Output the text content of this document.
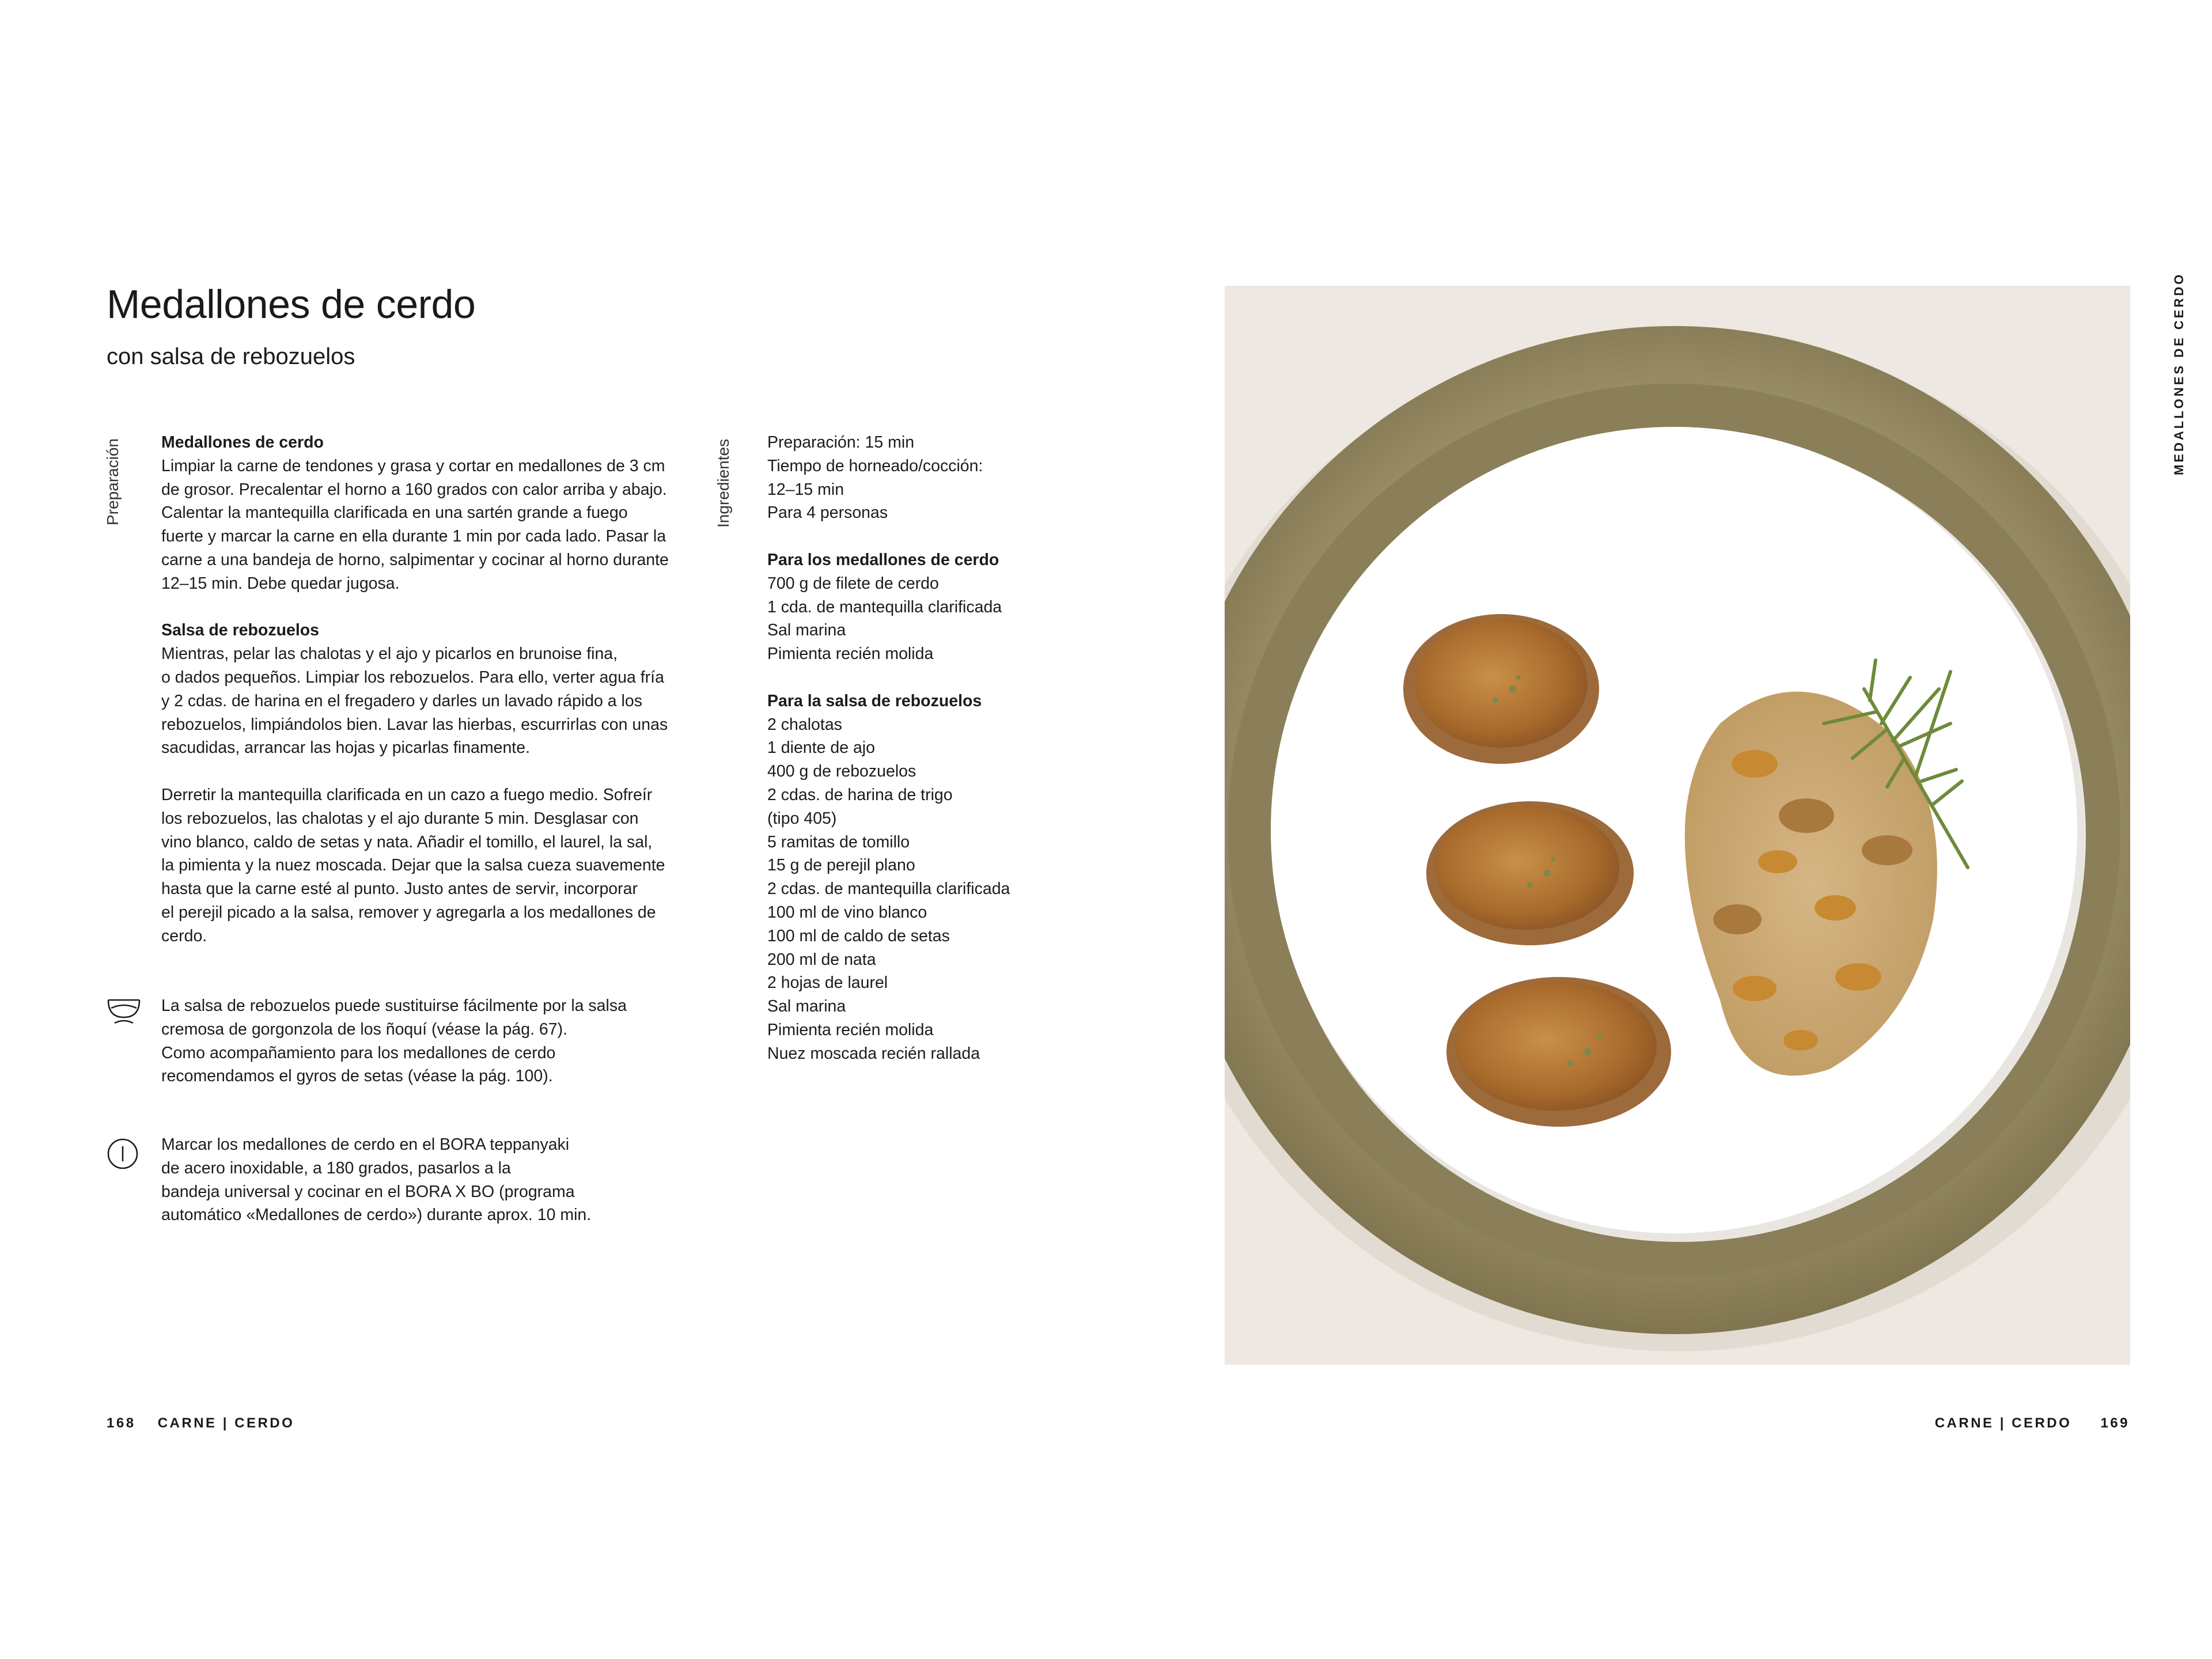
Medallones de cerdo
con salsa de rebozuelos
Preparación	Ingredientes
Medallones de cerdo
Limpiar la carne de tendones y grasa y cortar en medallones de 3 cm
de grosor. Precalentar el horno a 160 grados con calor arriba y abajo.
Calentar la mantequilla clarificada en una sartén grande a fuego
fuerte y marcar la carne en ella durante 1 min por cada lado. Pasar la
carne a una bandeja de horno, salpimentar y cocinar al horno durante
12–15 min. Debe quedar jugosa.
Salsa de rebozuelos
Mientras, pelar las chalotas y el ajo y picarlos en brunoise fina,
o dados pequeños. Limpiar los rebozuelos. Para ello, verter agua fría
y 2 cdas. de harina en el fregadero y darles un lavado rápido a los
rebozuelos, limpiándolos bien. Lavar las hierbas, escurrirlas con unas
sacudidas, arrancar las hojas y picarlas finamente.
Derretir la mantequilla clarificada en un cazo a fuego medio. Sofreír
los rebozuelos, las chalotas y el ajo durante 5 min. Desglasar con
vino blanco, caldo de setas y nata. Añadir el tomillo, el laurel, la sal,
la pimienta y la nuez moscada. Dejar que la salsa cueza suavemente
hasta que la carne esté al punto. Justo antes de servir, incorporar
el perejil picado a la salsa, remover y agregarla a los medallones de
cerdo.
La salsa de rebozuelos puede sustituirse fácilmente por la salsa
cremosa de gorgonzola de los ñoquí (véase la pág. 67).
Como acompañamiento para los medallones de cerdo
recomendamos el gyros de setas (véase la pág. 100).
Marcar los medallones de cerdo en el BORA teppanyaki
de acero inoxidable, a 180 grados, pasarlos a la
bandeja universal y cocinar en el BORA X BO (programa
automático «Medallones de cerdo») durante aprox. 10 min.
Preparación: 15 min
Tiempo de horneado/cocción:
12–15 min
Para 4 personas
Para los medallones de cerdo
700 g de filete de cerdo
1 cda. de mantequilla clarificada
Sal marina
Pimienta recién molida
Para la salsa de rebozuelos
2 chalotas
1 diente de ajo
400 g de rebozuelos
2 cdas. de harina de trigo
(tipo 405)
5 ramitas de tomillo
15 g de perejil plano
2 cdas. de mantequilla clarificada
100 ml de vino blanco
100 ml de caldo de setas
200 ml de nata
2 hojas de laurel
Sal marina
Pimienta recién molida
Nuez moscada recién rallada
MEDALLONES DE CERDO
168 CARNE | CERDO	CARNE | CERDO 169
